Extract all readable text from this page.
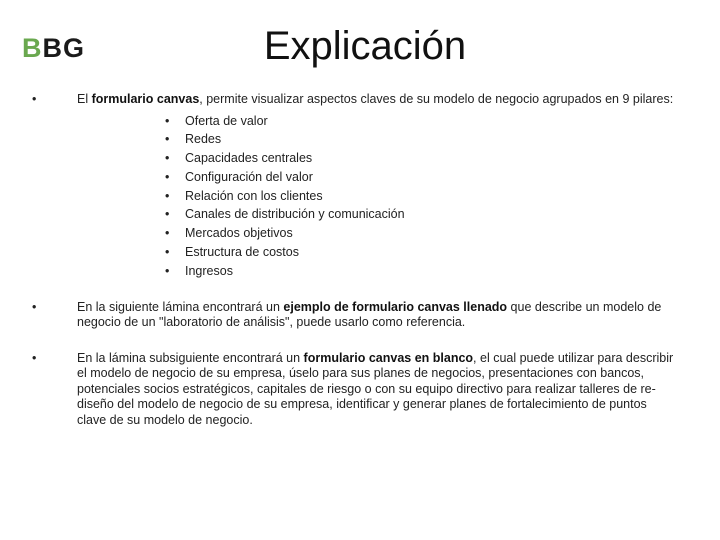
BBG	Explicación
•	El formulario canvas, permite visualizar aspectos claves de su modelo de negocio agrupados en 9 pilares:
•	Oferta de valor
•	Redes
•	Capacidades centrales
•	Configuración del valor
•	Relación con los clientes
•	Canales de distribución y comunicación
•	Mercados objetivos
•	Estructura de costos
•	Ingresos
•	En la siguiente lámina encontrará un ejemplo de formulario canvas llenado que describe un modelo de negocio de un "laboratorio de análisis", puede usarlo como referencia.
•	En la lámina subsiguiente encontrará un formulario canvas en blanco, el cual puede utilizar para describir el modelo de negocio de su empresa, úselo para sus planes de negocios, presentaciones con bancos, potenciales socios estratégicos, capitales de riesgo o con su equipo directivo para realizar talleres de re-diseño del modelo de negocio de su empresa, identificar y generar planes de fortalecimiento de puntos clave de su modelo de negocio.
